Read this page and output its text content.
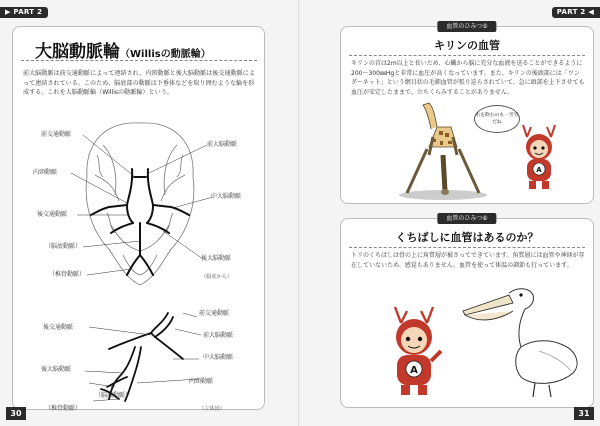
▶ PART 2
大脳動脈輪（Willisの動脈輪）
前大脳動脈は前交通動脈によって連結され、内頸動脈と後大脳動脈は後交通動脈によって連結されている。このため、脳底部の動脈は下垂体などを取り囲むような輪を形成する。これを大脳動脈輪（Willisの動脈輪）という。
前交通動脈
前大脳動脈
内頸動脈
中大脳動脈
後交通動脈
（脳底動脈）
後大脳動脈
（椎骨動脈）	（脳底から）
前交通動脈
後交通動脈
前大脳動脈
後大脳動脈
中大脳動脈
（脳底動脈）
内頸動脈
（椎骨動脈）	（立体図）
30
PART 2 ◀
血管のひみつ⑤
キリンの血管
キリンの首は2m以上と長いため、心臓から脳に充分な血液を送ることができるように200〜300㎜Hgと非常に血圧が高くなっています。また、キリンの後頭部には「ワンダーネット」という網目状の毛細血管が張り巡らされていて、急に頭部を上下させても血圧が安定したままで、立ちくらみすることがありません。
水を飲むのも一苦労だね
A
血管のひみつ⑥
くちばしに血管はあるのか？
トリのくちばしは骨の上に角質層が被さってできています。角質層には血管や神経が存在していないため、感覚もありません。血管を使って体温の調節も行っています。
A
31
